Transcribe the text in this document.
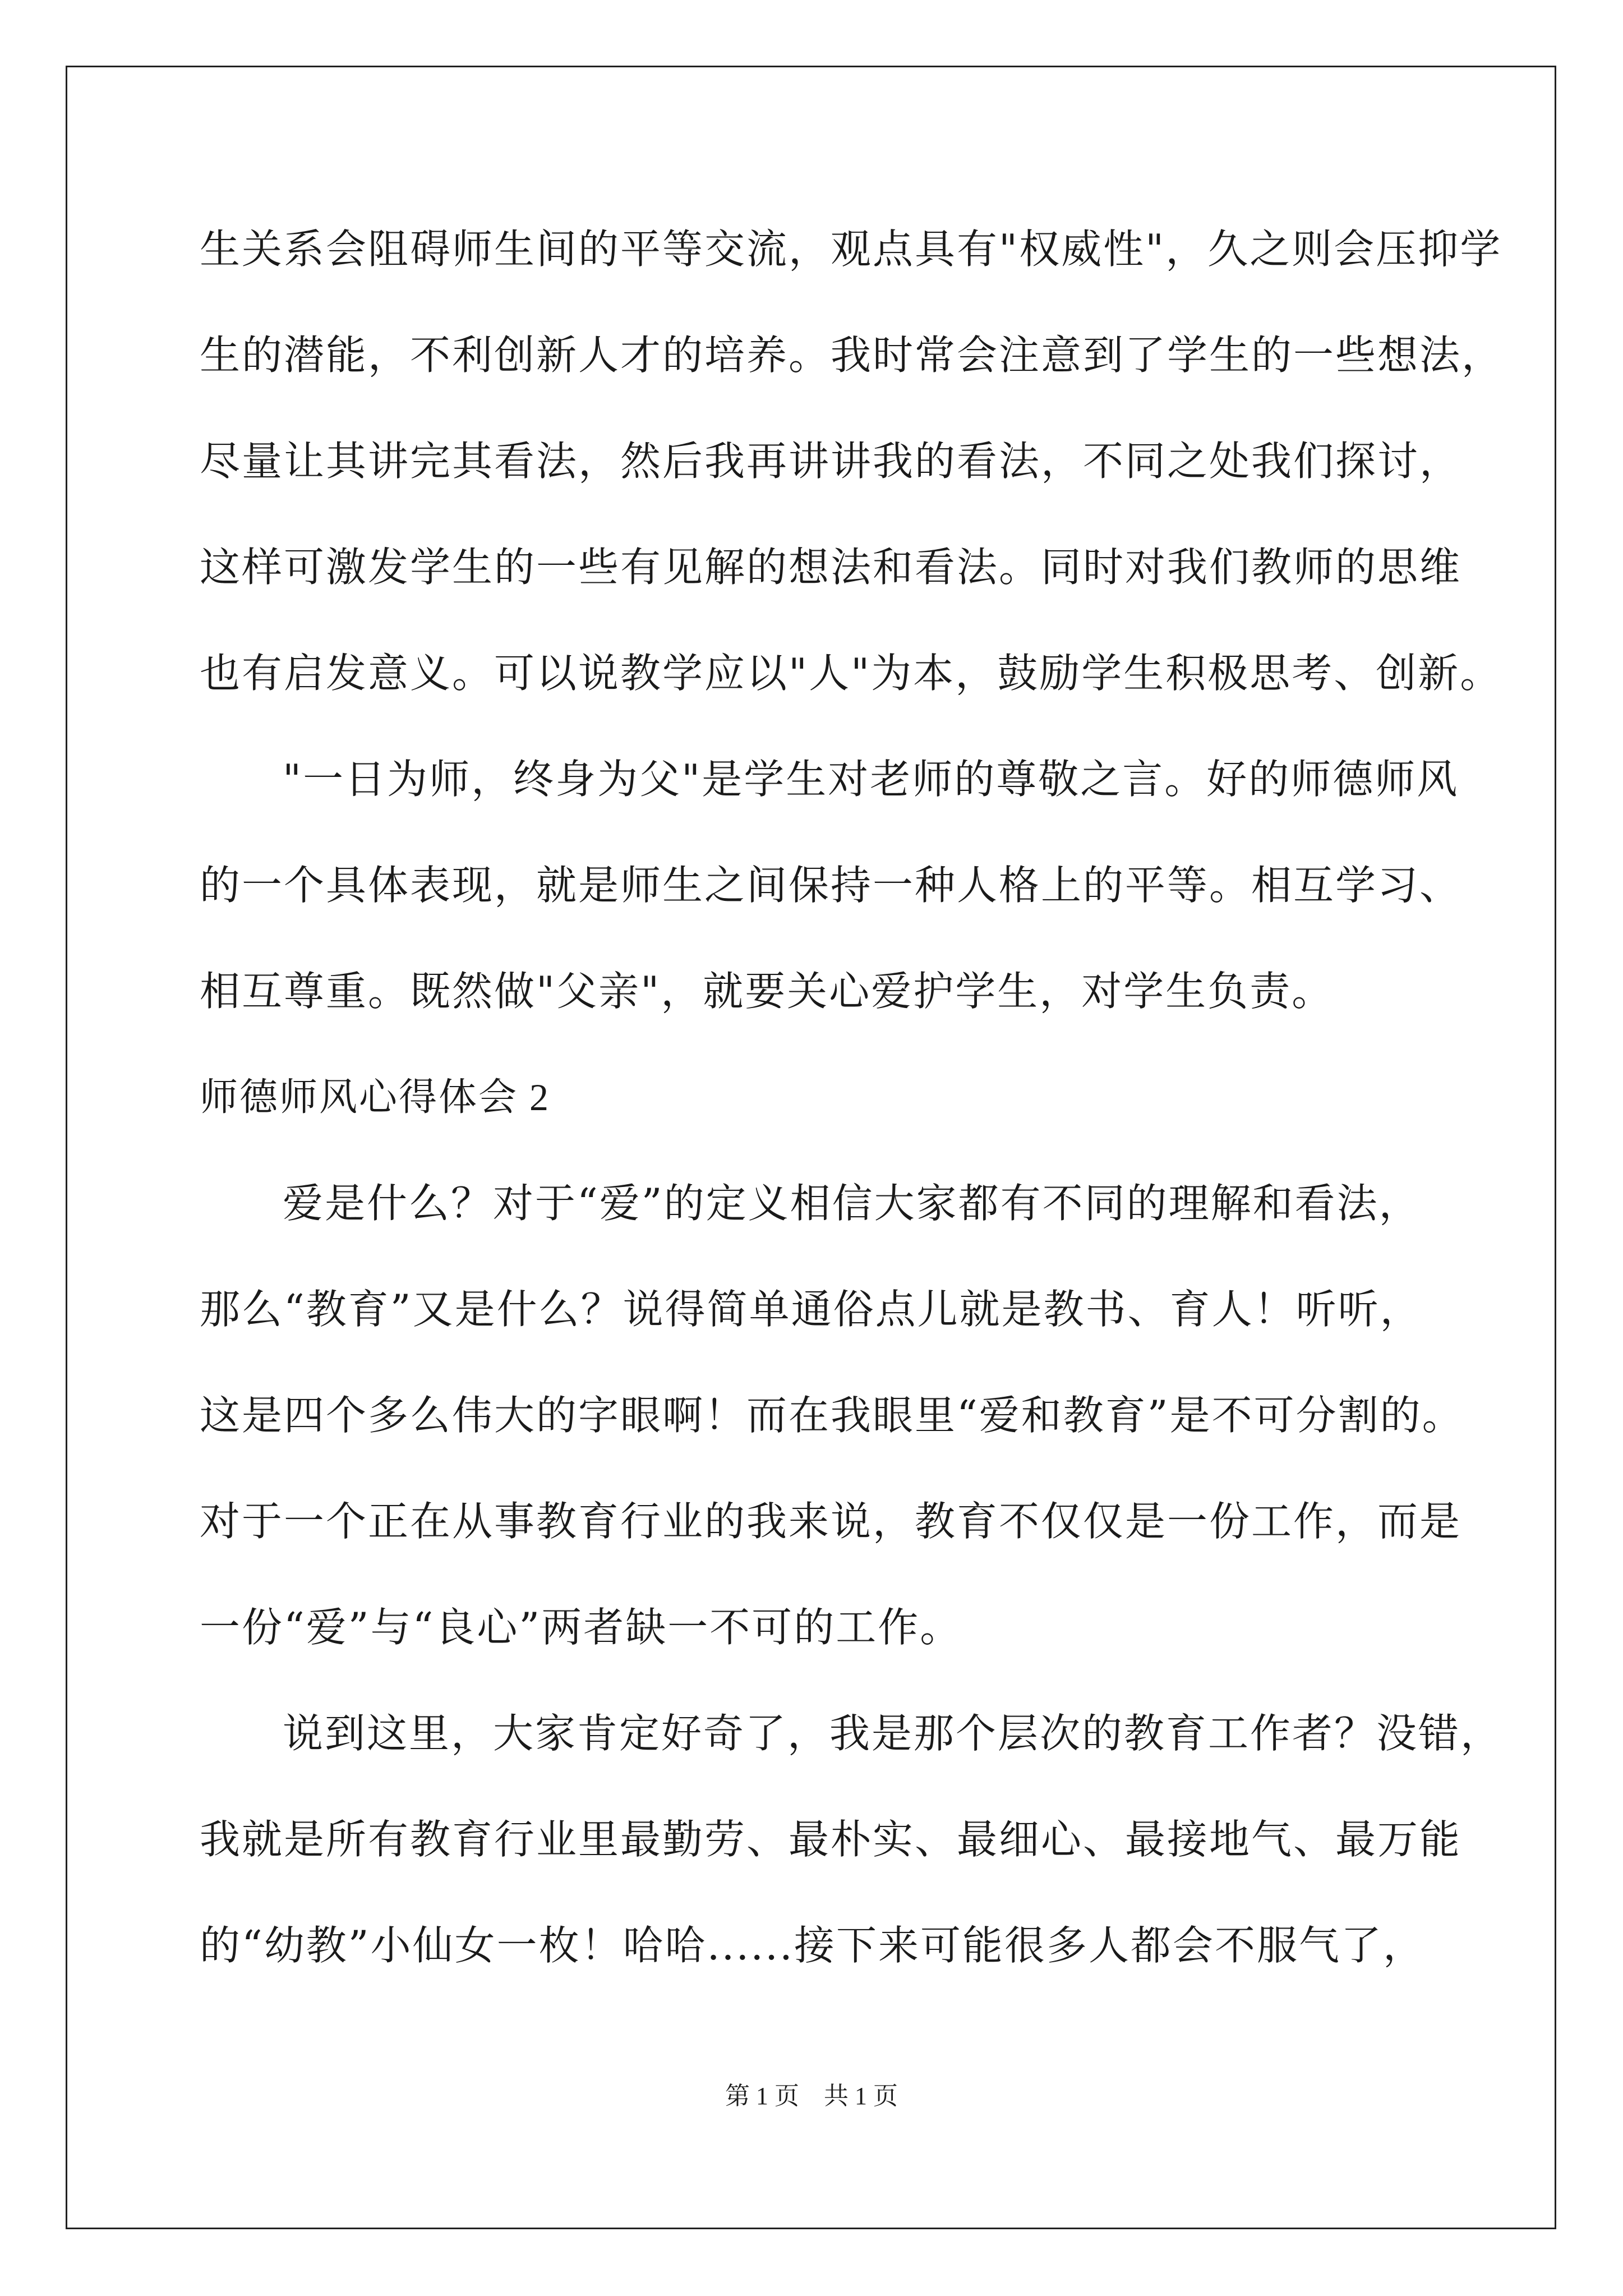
生关系会阻碍师生间的平等交流，观点具有"权威性"，久之则会压抑学
生的潜能，不利创新人才的培养。我时常会注意到了学生的一些想法，
尽量让其讲完其看法，然后我再讲讲我的看法，不同之处我们探讨，
这样可激发学生的一些有见解的想法和看法。同时对我们教师的思维
也有启发意义。可以说教学应以"人"为本，鼓励学生积极思考、创新。
"一日为师，终身为父"是学生对老师的尊敬之言。好的师德师风
的一个具体表现，就是师生之间保持一种人格上的平等。相互学习、
相互尊重。既然做"父亲"，就要关心爱护学生，对学生负责。
师德师风心得体会 2
爱是什么？对于“爱”的定义相信大家都有不同的理解和看法，
那么“教育”又是什么？说得简单通俗点儿就是教书、育人！听听，
这是四个多么伟大的字眼啊！而在我眼里“爱和教育”是不可分割的。
对于一个正在从事教育行业的我来说，教育不仅仅是一份工作，而是
一份“爱”与“良心”两者缺一不可的工作。
说到这里，大家肯定好奇了，我是那个层次的教育工作者？没错，
我就是所有教育行业里最勤劳、最朴实、最细心、最接地气、最万能
的“幼教”小仙女一枚！哈哈......接下来可能很多人都会不服气了，
第 1 页 共 1 页
